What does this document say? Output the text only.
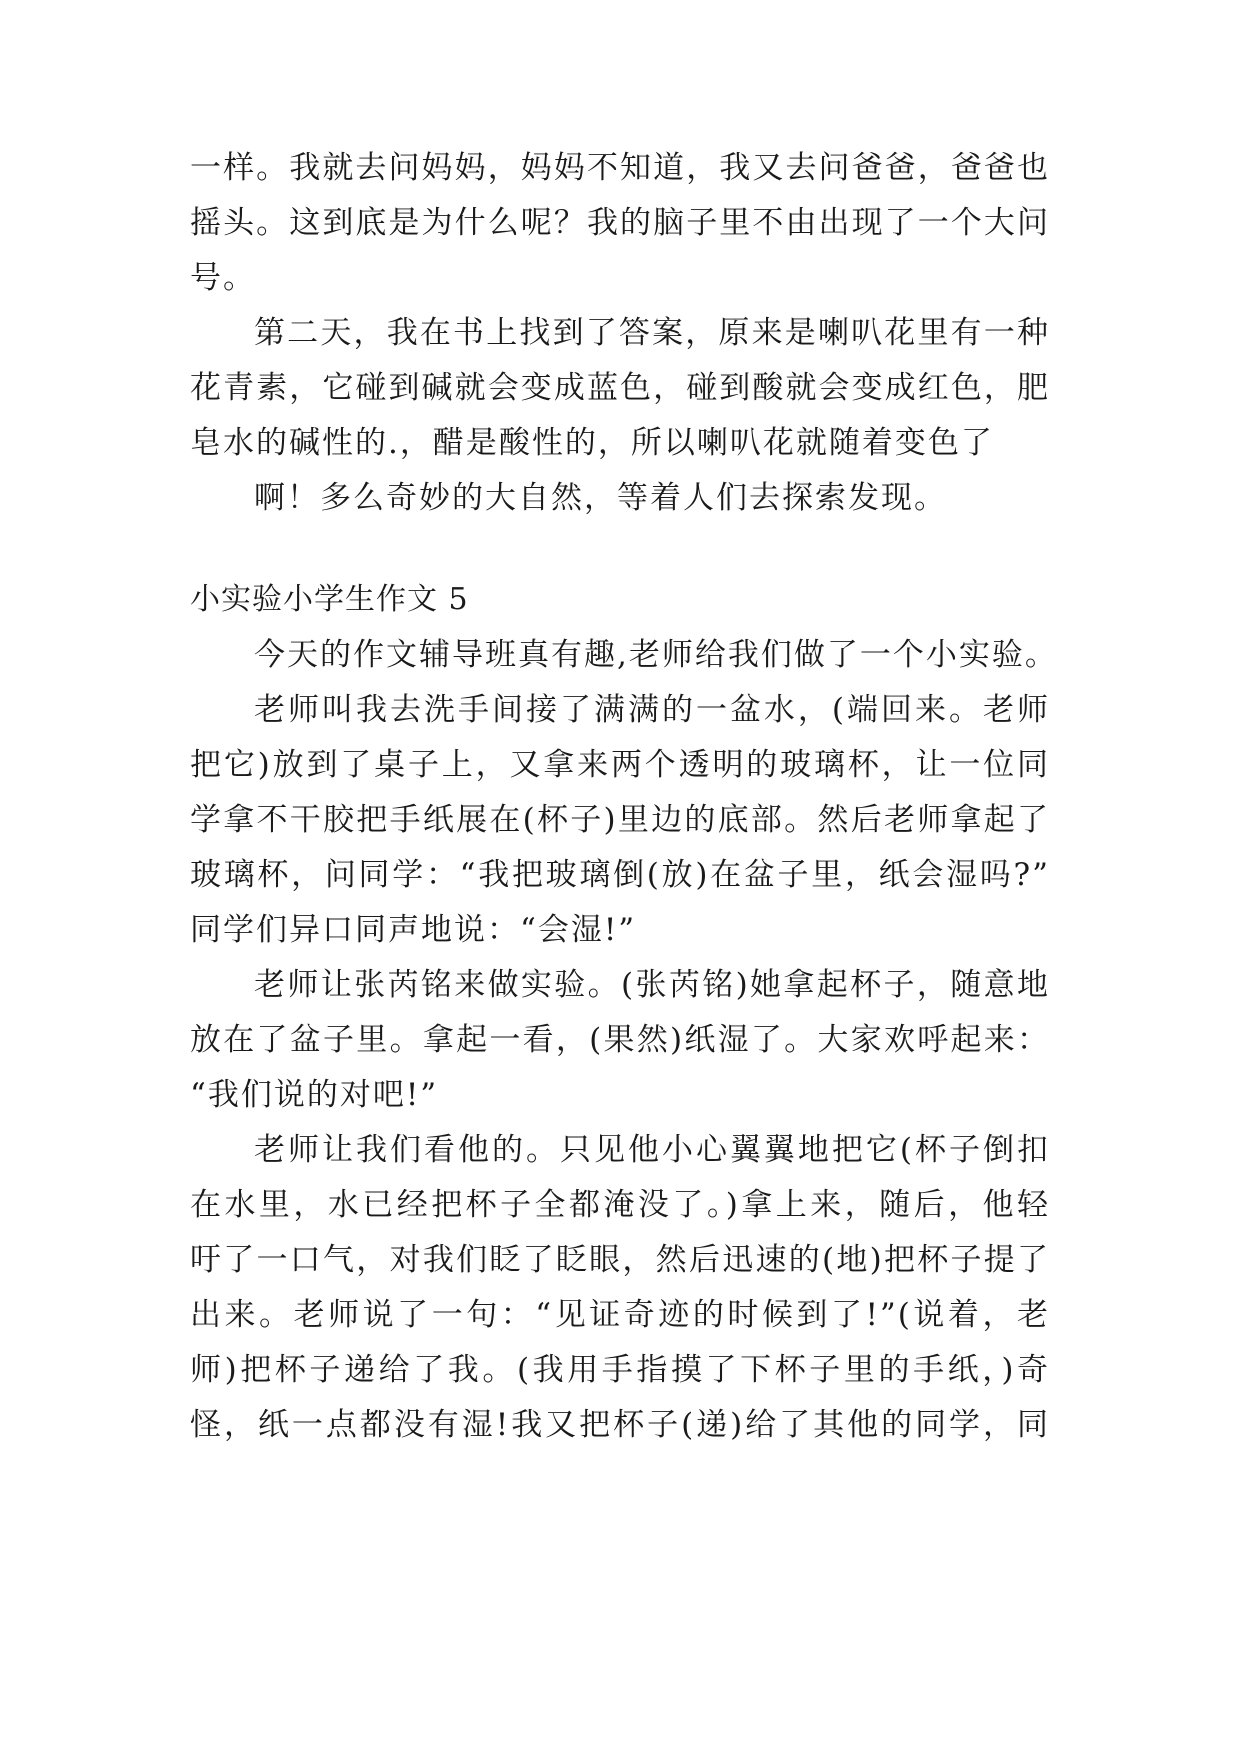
一样。我就去问妈妈，妈妈不知道，我又去问爸爸，爸爸也
摇头。这到底是为什么呢？我的脑子里不由出现了一个大问
号。
第二天，我在书上找到了答案，原来是喇叭花里有一种
花青素，它碰到碱就会变成蓝色，碰到酸就会变成红色，肥
皂水的碱性的.，醋是酸性的，所以喇叭花就随着变色了
啊！多么奇妙的大自然，等着人们去探索发现。
小实验小学生作文 5
今天的作文辅导班真有趣,老师给我们做了一个小实验。
老师叫我去洗手间接了满满的一盆水，(端回来。老师
把它)放到了桌子上，又拿来两个透明的玻璃杯，让一位同
学拿不干胶把手纸展在(杯子)里边的底部。然后老师拿起了
玻璃杯，问同学：“我把玻璃倒(放)在盆子里，纸会湿吗?”
同学们异口同声地说：“会湿!”
老师让张芮铭来做实验。(张芮铭)她拿起杯子，随意地
放在了盆子里。拿起一看，(果然)纸湿了。大家欢呼起来：
“我们说的对吧!”
老师让我们看他的。只见他小心翼翼地把它(杯子倒扣
在水里，水已经把杯子全都淹没了。)拿上来，随后，他轻
吁了一口气，对我们眨了眨眼，然后迅速的(地)把杯子提了
出来。老师说了一句：“见证奇迹的时候到了!”(说着，老
师)把杯子递给了我。(我用手指摸了下杯子里的手纸，)奇
怪，纸一点都没有湿!我又把杯子(递)给了其他的同学，同
